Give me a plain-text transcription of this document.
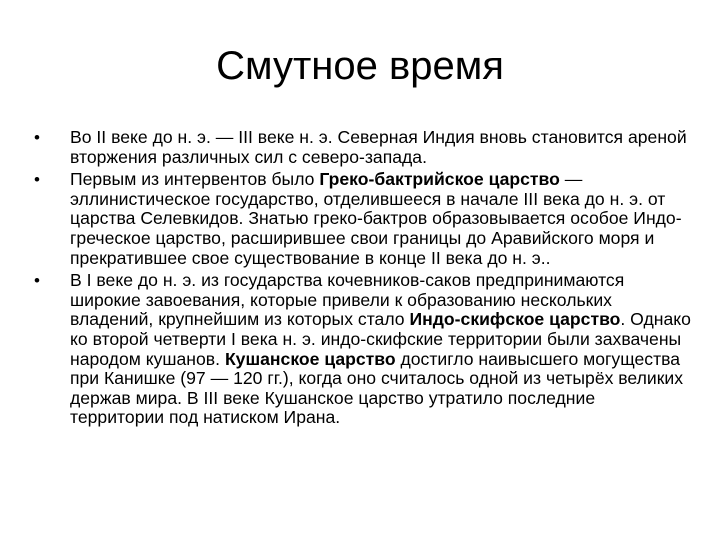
Смутное время
•	Во II веке до н. э. — III веке н. э. Северная Индия вновь становится ареной вторжения различных сил с северо-запада.
•	Первым из интервентов было Греко-бактрийское царство — эллинистическое государство, отделившееся в начале III века до н. э. от царства Селевкидов. Знатью греко-бактров образовывается особое Индо-греческое царство, расширившее свои границы до Аравийского моря и прекратившее свое существование в конце II века до н. э..
•	В I веке до н. э. из государства кочевников-саков предпринимаются широкие завоевания, которые привели к образованию нескольких владений, крупнейшим из которых стало Индо-скифское царство. Однако ко второй четверти I века н. э. индо-скифские территории были захвачены народом кушанов. Кушанское царство достигло наивысшего могущества при Канишке (97 — 120 гг.), когда оно считалось одной из четырёх великих держав мира. В III веке Кушанское царство утратило последние территории под натиском Ирана.
